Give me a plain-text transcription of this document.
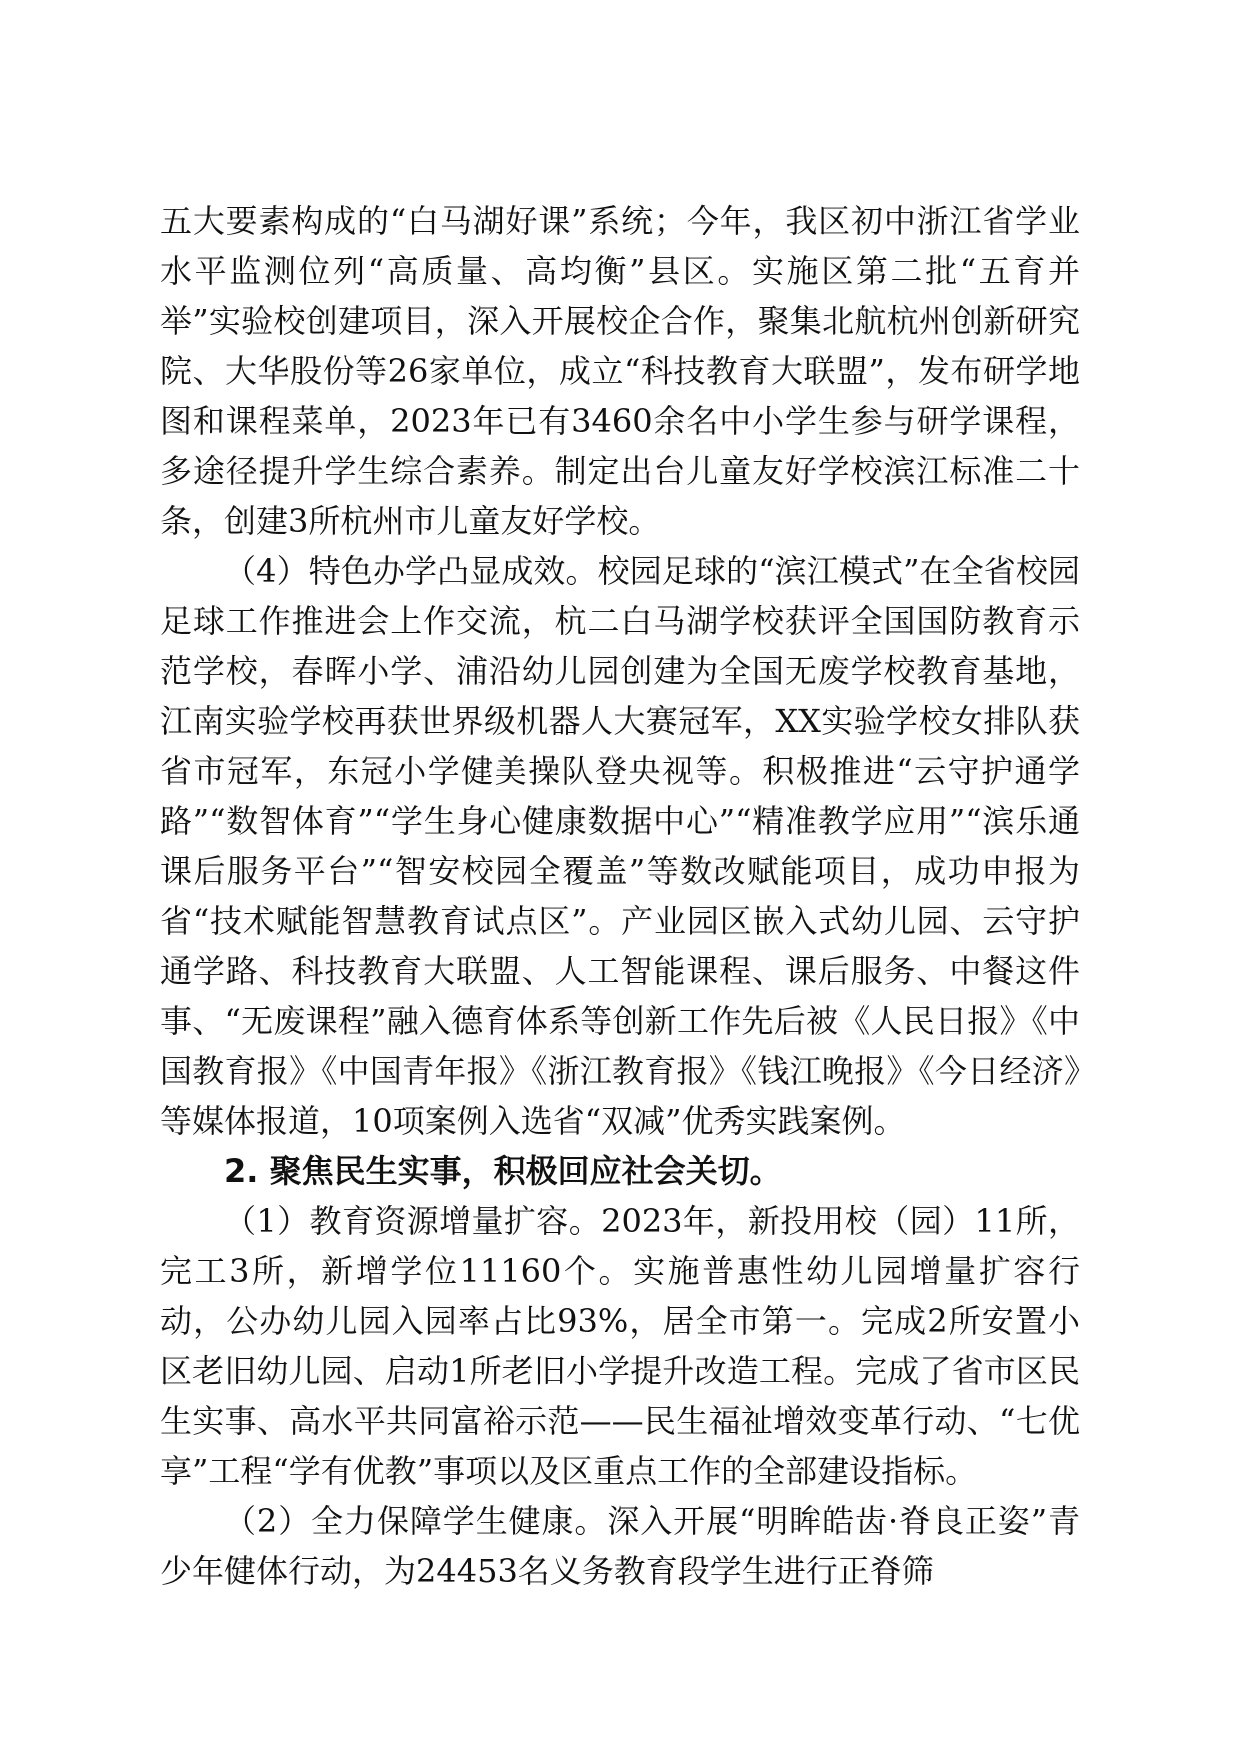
五大要素构成的“白马湖好课”系统；今年，我区初中浙江省学业水平监测位列“高质量、高均衡”县区。实施区第二批“五育并举”实验校创建项目，深入开展校企合作，聚集北航杭州创新研究院、大华股份等26家单位，成立“科技教育大联盟”，发布研学地图和课程菜单，2023年已有3460余名中小学生参与研学课程，多途径提升学生综合素养。制定出台儿童友好学校滨江标准二十条，创建3所杭州市儿童友好学校。

（4）特色办学凸显成效。校园足球的“滨江模式”在全省校园足球工作推进会上作交流，杭二白马湖学校获评全国国防教育示范学校，春晖小学、浦沿幼儿园创建为全国无废学校教育基地，江南实验学校再获世界级机器人大赛冠军，XX实验学校女排队获省市冠军，东冠小学健美操队登央视等。积极推进“云守护通学路”“数智体育”“学生身心健康数据中心”“精准教学应用”“滨乐通课后服务平台”“智安校园全覆盖”等数改赋能项目，成功申报为省“技术赋能智慧教育试点区”。产业园区嵌入式幼儿园、云守护通学路、科技教育大联盟、人工智能课程、课后服务、中餐这件事、“无废课程”融入德育体系等创新工作先后被《人民日报》《中国教育报》《中国青年报》《浙江教育报》《钱江晚报》《今日经济》等媒体报道，10项案例入选省“双减”优秀实践案例。

2. 聚焦民生实事，积极回应社会关切。

（1）教育资源增量扩容。2023年，新投用校（园）11所，完工3所，新增学位11160个。实施普惠性幼儿园增量扩容行动，公办幼儿园入园率占比93%，居全市第一。完成2所安置小区老旧幼儿园、启动1所老旧小学提升改造工程。完成了省市区民生实事、高水平共同富裕示范——民生福祉增效变革行动、“七优享”工程“学有优教”事项以及区重点工作的全部建设指标。

（2）全力保障学生健康。深入开展“明眸皓齿·脊良正姿”青少年健体行动，为24453名义务教育段学生进行正脊筛
